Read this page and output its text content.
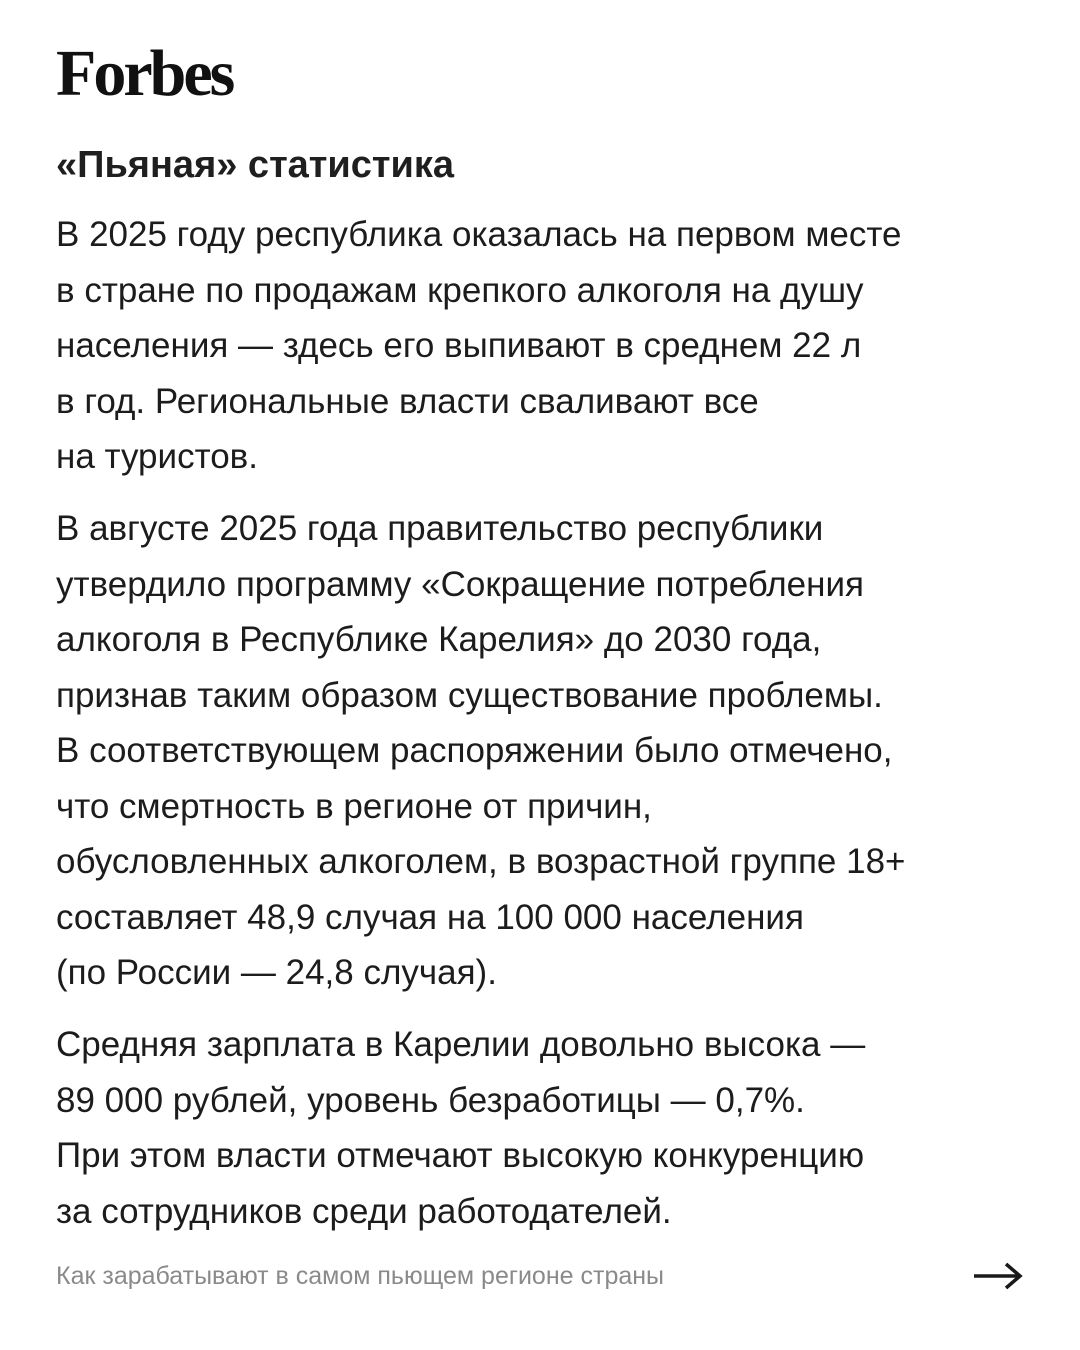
Forbes
«Пьяная» статистика

В 2025 году республика оказалась на первом месте
в стране по продажам крепкого алкоголя на душу
населения — здесь его выпивают в среднем 22 л
в год. Региональные власти сваливают все
на туристов.

В августе 2025 года правительство республики
утвердило программу «Сокращение потребления
алкоголя в Республике Карелия» до 2030 года,
признав таким образом существование проблемы.
В соответствующем распоряжении было отмечено,
что смертность в регионе от причин,
обусловленных алкоголем, в возрастной группе 18+
составляет 48,9 случая на 100 000 населения
(по России — 24,8 случая).

Средняя зарплата в Карелии довольно высока —
89 000 рублей, уровень безработицы — 0,7%.
При этом власти отмечают высокую конкуренцию
за сотрудников среди работодателей.

Как зарабатывают в самом пьющем регионе страны
